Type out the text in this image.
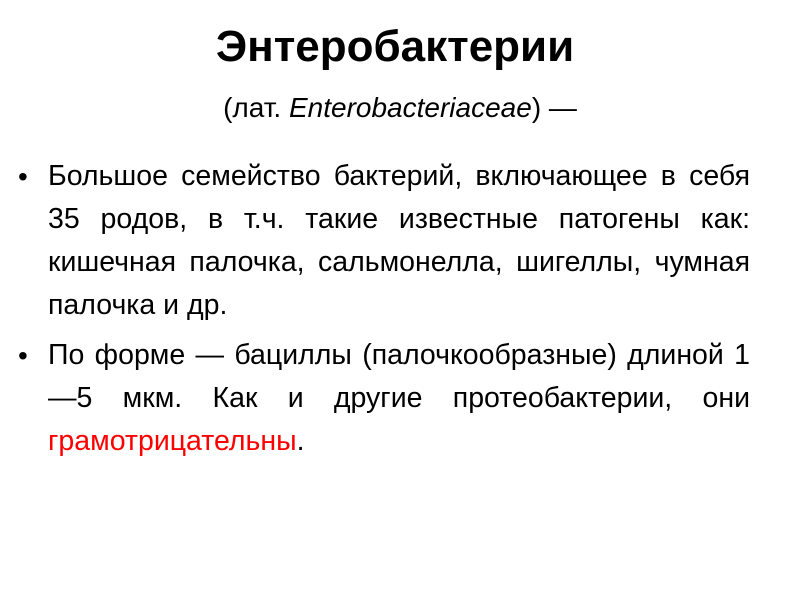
Энтеробактерии

(лат. Enterobacteriaceae) —

• Большое семейство бактерий, включающее в себя 35 родов, в т.ч. такие известные патогены как: кишечная палочка, сальмонелла, шигеллы, чумная палочка и др.
• По форме — бациллы (палочкообразные) длиной 1—5 мкм. Как и другие протеобактерии, они грамотрицательны.
